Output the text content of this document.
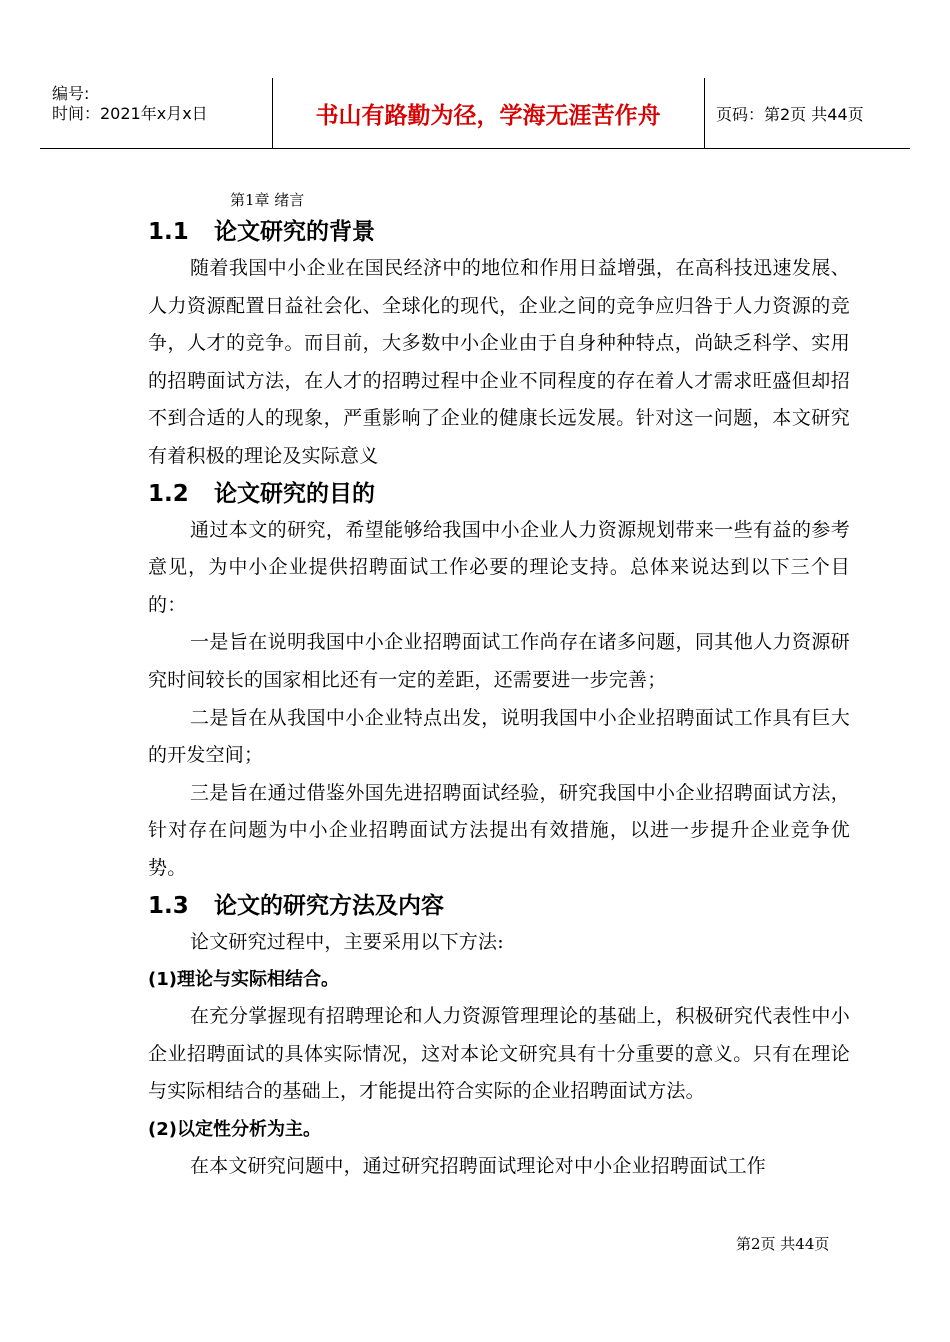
编号:
时间：2021年x月x日	书山有路勤为径，学海无涯苦作舟	页码：第2页 共44页
第1章 绪言
1.1 论文研究的背景
随着我国中小企业在国民经济中的地位和作用日益增强，在高科技迅速发展、人力资源配置日益社会化、全球化的现代，企业之间的竞争应归咎于人力资源的竞争，人才的竞争。而目前，大多数中小企业由于自身种种特点，尚缺乏科学、实用的招聘面试方法，在人才的招聘过程中企业不同程度的存在着人才需求旺盛但却招不到合适的人的现象，严重影响了企业的健康长远发展。针对这一问题，本文研究有着积极的理论及实际意义
1.2 论文研究的目的
通过本文的研究，希望能够给我国中小企业人力资源规划带来一些有益的参考意见，为中小企业提供招聘面试工作必要的理论支持。总体来说达到以下三个目的：
一是旨在说明我国中小企业招聘面试工作尚存在诸多问题，同其他人力资源研究时间较长的国家相比还有一定的差距，还需要进一步完善；
二是旨在从我国中小企业特点出发，说明我国中小企业招聘面试工作具有巨大的开发空间；
三是旨在通过借鉴外国先进招聘面试经验，研究我国中小企业招聘面试方法，针对存在问题为中小企业招聘面试方法提出有效措施，以进一步提升企业竞争优势。
1.3 论文的研究方法及内容
论文研究过程中，主要采用以下方法:
(1)理论与实际相结合。
在充分掌握现有招聘理论和人力资源管理理论的基础上，积极研究代表性中小企业招聘面试的具体实际情况，这对本论文研究具有十分重要的意义。只有在理论与实际相结合的基础上，才能提出符合实际的企业招聘面试方法。
(2)以定性分析为主。
在本文研究问题中，通过研究招聘面试理论对中小企业招聘面试工作
第2页 共44页
